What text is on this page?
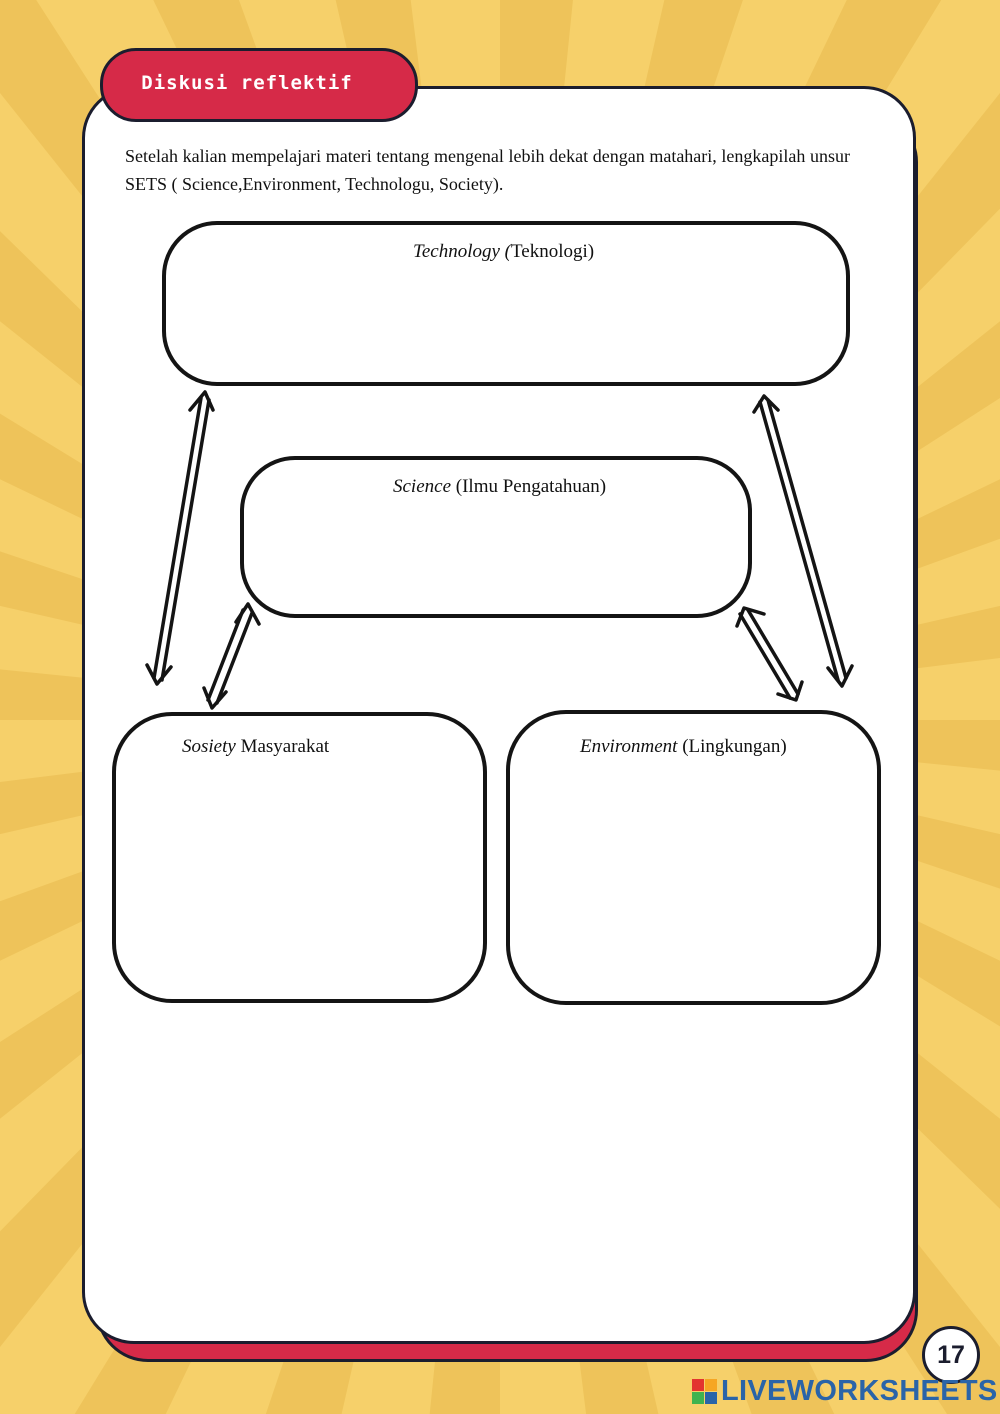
Diskusi reflektif
Setelah kalian mempelajari materi tentang mengenal lebih dekat dengan matahari, lengkapilah unsur SETS ( Science,Environment, Technologu, Society).
Technology (Teknologi)
Science (Ilmu Pengatahuan)
Sosiety Masyarakat	Environment (Lingkungan)
17
LIVEWORKSHEETS
